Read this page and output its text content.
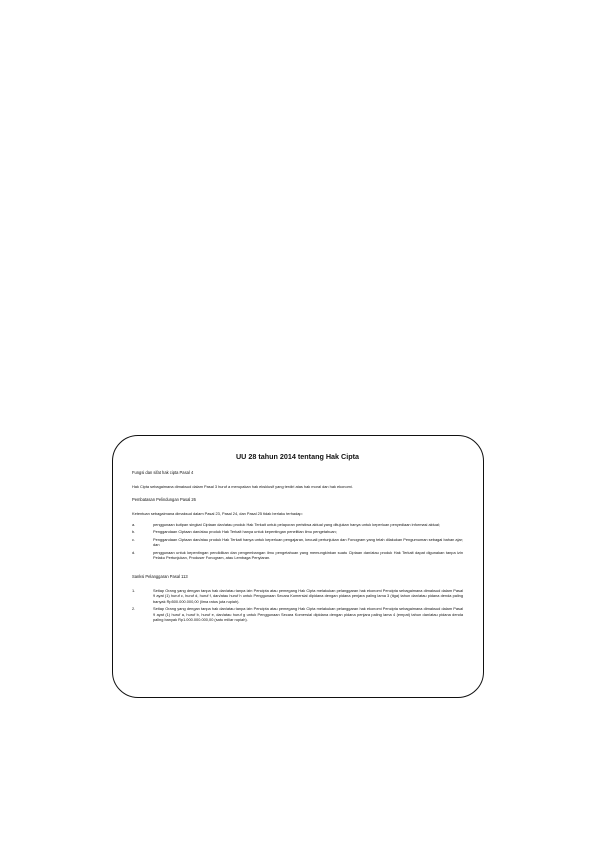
UU 28 tahun 2014 tentang Hak Cipta
Fungsi dan sifat hak cipta Pasal 4
Hak Cipta sebagaimana dimaksud dalam Pasal 3 huruf a merupakan hak eksklusif yang terdiri atas hak moral dan hak ekonomi.
Pembatasan Pelindungan Pasal 26
Ketentuan sebagaimana dimaksud dalam Pasal 23, Pasal 24, dan Pasal 25 tidak berlaku terhadap:
a.	penggunaan kutipan singkat Ciptaan dan/atau produk Hak Terkait untuk pelaporan peristiwa aktual yang ditujukan hanya untuk keperluan penyediaan informasi aktual;
b.	Penggandaan Ciptaan dan/atau produk Hak Terkait hanya untuk kepentingan penelitian ilmu pengetahuan;
c.	Penggandaan Ciptaan dan/atau produk Hak Terkait hanya untuk keperluan pengajaran, kecuali pertunjukan dan Fonogram yang telah dilakukan Pengumuman sebagai bahan ajar; dan
d.	penggunaan untuk kepentingan pendidikan dan pengembangan ilmu pengetahuan yang memungkinkan suatu Ciptaan dan/atau produk Hak Terkait dapat digunakan tanpa izin Pelaku Pertunjukan, Produser Fonogram, atau Lembaga Penyiaran.
Sanksi Pelanggaran Pasal 113
1.	Setiap Orang yang dengan tanpa hak dan/atau tanpa izin Pencipta atau pemegang Hak Cipta melakukan pelanggaran hak ekonomi Pencipta sebagaimana dimaksud dalam Pasal 9 ayat (1) huruf c, huruf d, huruf f, dan/atau huruf h untuk Penggunaan Secara Komersial dipidana dengan pidana penjara paling lama 3 (tiga) tahun dan/atau pidana denda paling banyak Rp500.000.000,00 (lima ratus juta rupiah).
2.	Setiap Orang yang dengan tanpa hak dan/atau tanpa izin Pencipta atau pemegang Hak Cipta melakukan pelanggaran hak ekonomi Pencipta sebagaimana dimaksud dalam Pasal 9 ayat (1) huruf a, huruf b, huruf e, dan/atau huruf g untuk Penggunaan Secara Komersial dipidana dengan pidana penjara paling lama 4 (empat) tahun dan/atau pidana denda paling banyak Rp1.000.000.000,00 (satu miliar rupiah).
